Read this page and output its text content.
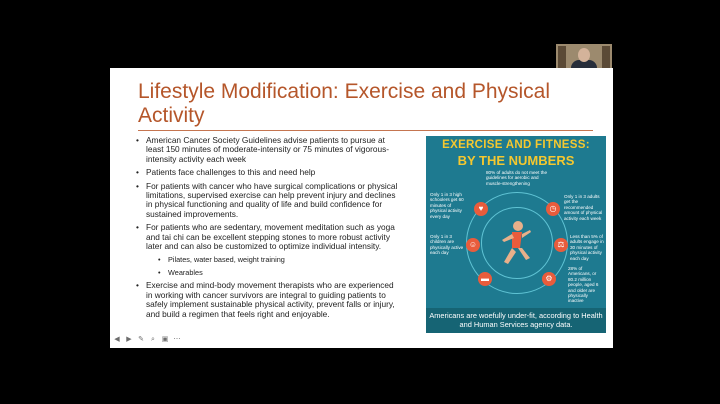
Lifestyle Modification: Exercise and Physical Activity
• American Cancer Society Guidelines advise patients to pursue at least 150 minutes of moderate-intensity or 75 minutes of vigorous-intensity activity each week
• Patients face challenges to this and need help
• For patients with cancer who have surgical complications or physical limitations, supervised exercise can help prevent injury and declines in physical functioning and quality of life and build confidence for sustained improvements.
• For patients who are sedentary, movement meditation such as yoga and tai chi can be excellent stepping stones to more robust activity later and can also be customized to optimize individual intensity.
• Pilates, water based, weight training
• Wearables
• Exercise and mind-body movement therapists who are experienced in working with cancer survivors are integral to guiding patients to safely implement sustainable physical activity, prevent falls or injury, and build a regimen that feels right and enjoyable.
EXERCISE AND FITNESS:
BY THE NUMBERS
♥	◷
☺	⚖
▬	⚙
80% of adults do not meet the guidelines for aerobic and muscle-strengthening
Only 1 in 3 high schoolers get 60 minutes of physical activity every day
Only 1 in 3 adults get the recommended amount of physical activity each week
Only 1 in 3 children are physically active each day
Less than 5% of adults engage in 30 minutes of physical activity each day
28% of Americans, or 80.2 million people, aged 6 and older are physically inactive
Americans are woefully under-fit, according to Health and Human Services agency data.
◀ ▶ ✎ ⌕ ▣ ⋯
